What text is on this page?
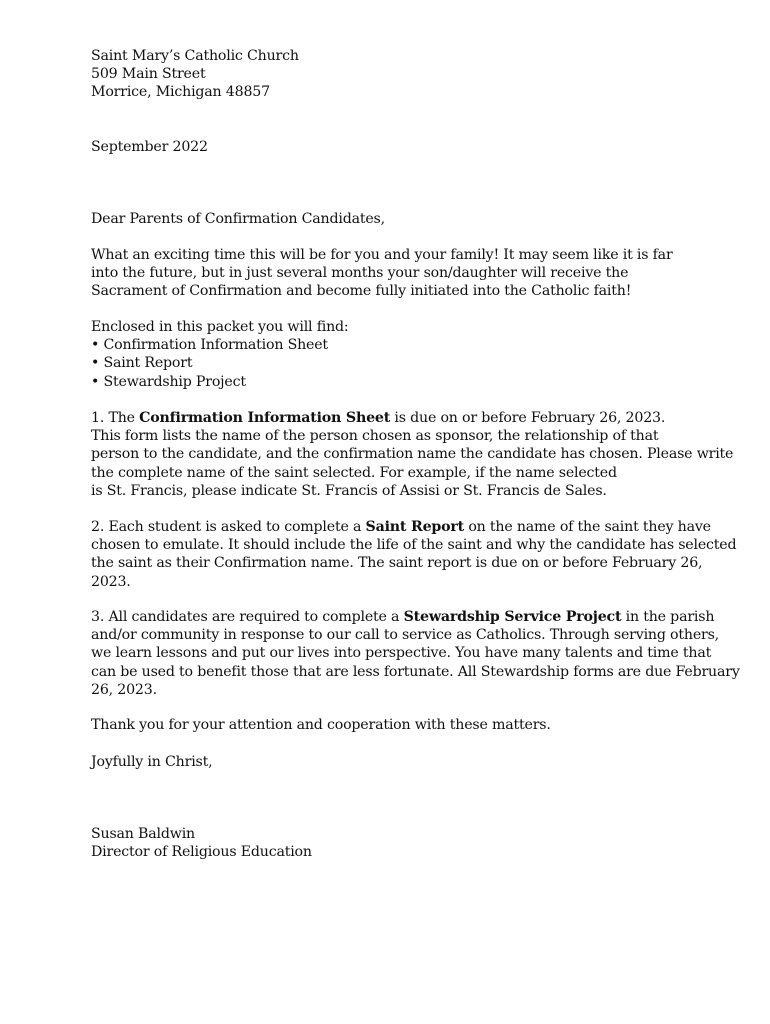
Saint Mary’s Catholic Church
509 Main Street
Morrice, Michigan 48857
September 2022
Dear Parents of Confirmation Candidates,
What an exciting time this will be for you and your family! It may seem like it is far
into the future, but in just several months your son/daughter will receive the
Sacrament of Confirmation and become fully initiated into the Catholic faith!
Enclosed in this packet you will find:
• Confirmation Information Sheet
• Saint Report
• Stewardship Project
1. The Confirmation Information Sheet is due on or before February 26, 2023.
This form lists the name of the person chosen as sponsor, the relationship of that
person to the candidate, and the confirmation name the candidate has chosen. Please write
the complete name of the saint selected. For example, if the name selected
is St. Francis, please indicate St. Francis of Assisi or St. Francis de Sales.
2. Each student is asked to complete a Saint Report on the name of the saint they have
chosen to emulate. It should include the life of the saint and why the candidate has selected
the saint as their Confirmation name. The saint report is due on or before February 26,
2023.
3. All candidates are required to complete a Stewardship Service Project in the parish
and/or community in response to our call to service as Catholics. Through serving others,
we learn lessons and put our lives into perspective. You have many talents and time that
can be used to benefit those that are less fortunate. All Stewardship forms are due February
26, 2023.
Thank you for your attention and cooperation with these matters.
Joyfully in Christ,
Susan Baldwin
Director of Religious Education
